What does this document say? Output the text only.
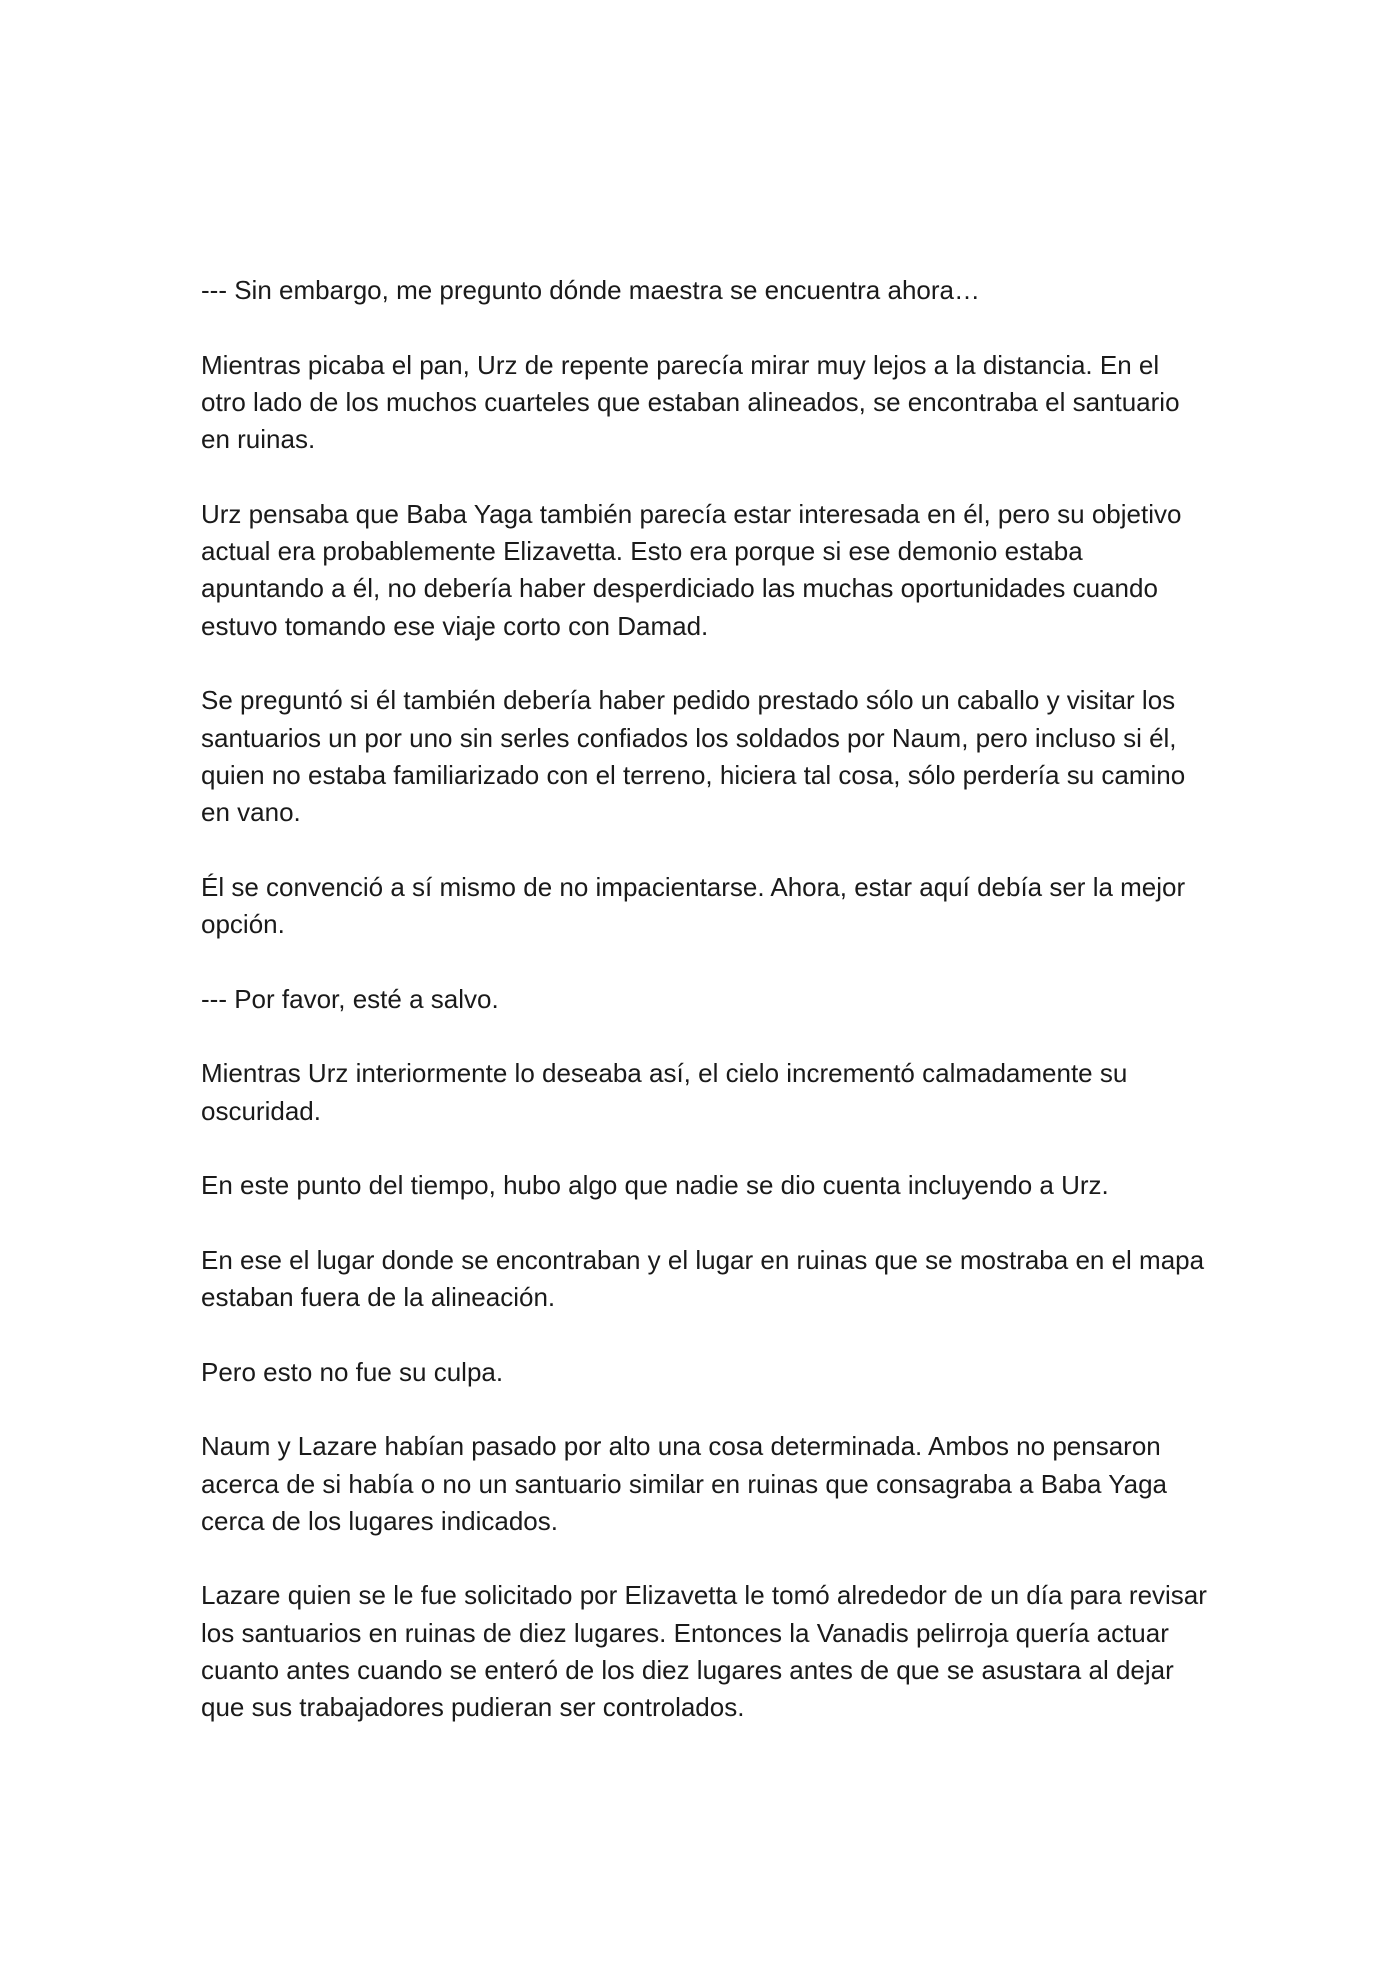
--- Sin embargo, me pregunto dónde maestra se encuentra ahora…

Mientras picaba el pan, Urz de repente parecía mirar muy lejos a la distancia. En el otro lado de los muchos cuarteles que estaban alineados, se encontraba el santuario en ruinas.

Urz pensaba que Baba Yaga también parecía estar interesada en él, pero su objetivo actual era probablemente Elizavetta. Esto era porque si ese demonio estaba apuntando a él, no debería haber desperdiciado las muchas oportunidades cuando estuvo tomando ese viaje corto con Damad.

Se preguntó si él también debería haber pedido prestado sólo un caballo y visitar los santuarios un por uno sin serles confiados los soldados por Naum, pero incluso si él, quien no estaba familiarizado con el terreno, hiciera tal cosa, sólo perdería su camino en vano.

Él se convenció a sí mismo de no impacientarse. Ahora, estar aquí debía ser la mejor opción.

--- Por favor, esté a salvo.

Mientras Urz interiormente lo deseaba así, el cielo incrementó calmadamente su oscuridad.

En este punto del tiempo, hubo algo que nadie se dio cuenta incluyendo a Urz.

En ese el lugar donde se encontraban y el lugar en ruinas que se mostraba en el mapa estaban fuera de la alineación.

Pero esto no fue su culpa.

Naum y Lazare habían pasado por alto una cosa determinada. Ambos no pensaron acerca de si había o no un santuario similar en ruinas que consagraba a Baba Yaga cerca de los lugares indicados.

Lazare quien se le fue solicitado por Elizavetta le tomó alrededor de un día para revisar los santuarios en ruinas de diez lugares. Entonces la Vanadis pelirroja quería actuar cuanto antes cuando se enteró de los diez lugares antes de que se asustara al dejar que sus trabajadores pudieran ser controlados.
